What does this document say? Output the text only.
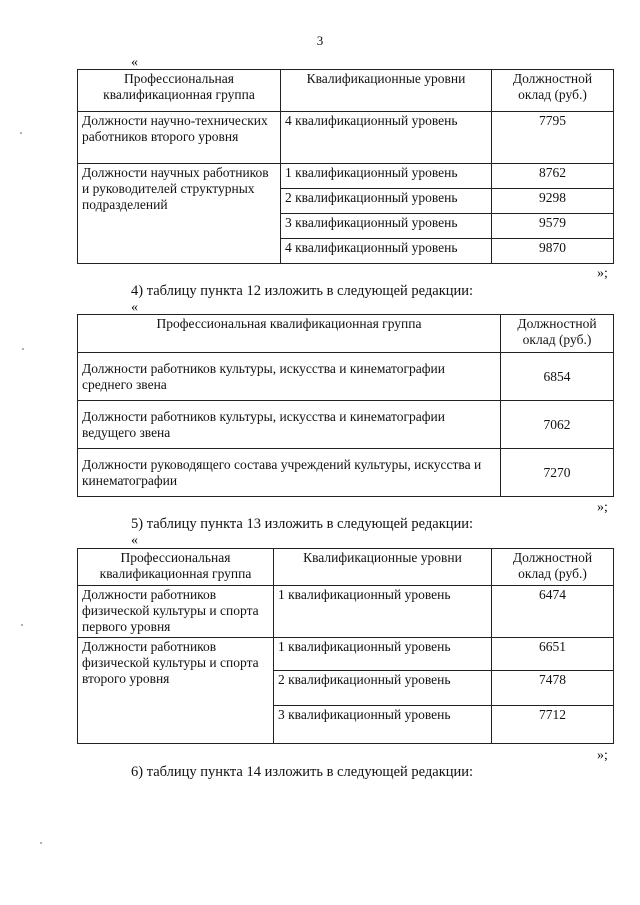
3
«
Профессиональная квалификационная группа	Квалификационные уровни	Должностной оклад (руб.)
Должности научно-технических работников второго уровня	4 квалификационный уровень	7795
Должности научных работников и руководителей структурных подразделений	1 квалификационный уровень	8762
	2 квалификационный уровень	9298
	3 квалификационный уровень	9579
	4 квалификационный уровень	9870
»;
4) таблицу пункта 12 изложить в следующей редакции:
«
Профессиональная квалификационная группа	Должностной оклад (руб.)
Должности работников культуры, искусства и кинематографии среднего звена	6854
Должности работников культуры, искусства и кинематографии ведущего звена	7062
Должности руководящего состава учреждений культуры, искусства и кинематографии	7270
»;
5) таблицу пункта 13 изложить в следующей редакции:
«
Профессиональная квалификационная группа	Квалификационные уровни	Должностной оклад (руб.)
Должности работников физической культуры и спорта первого уровня	1 квалификационный уровень	6474
Должности работников физической культуры и спорта второго уровня	1 квалификационный уровень	6651
	2 квалификационный уровень	7478
	3 квалификационный уровень	7712
»;
6) таблицу пункта 14 изложить в следующей редакции:
